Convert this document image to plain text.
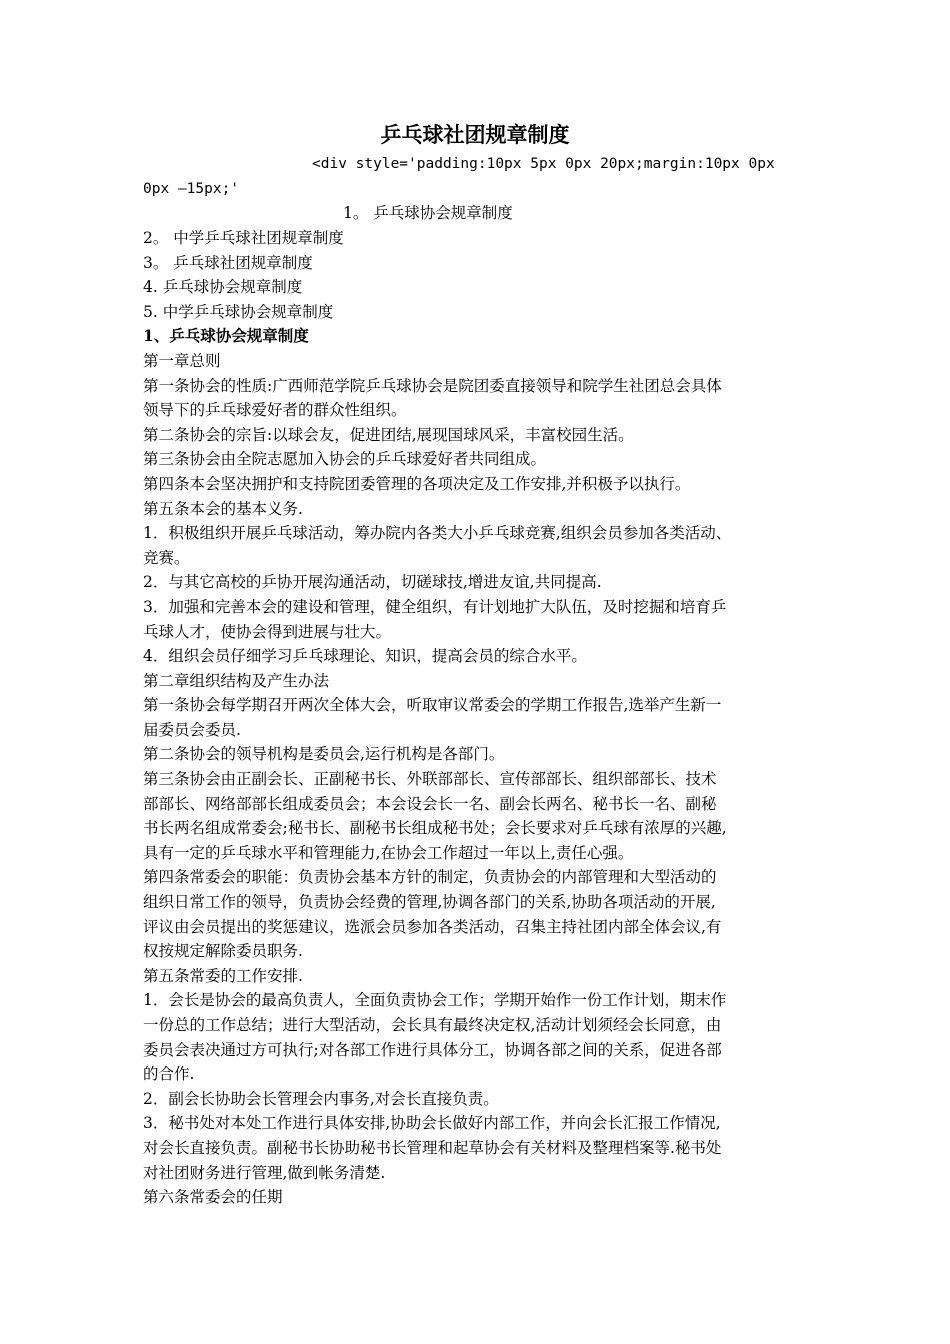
乒乓球社团规章制度
<div style='padding:10px 5px 0px 20px;margin:10px 0px
0px —15px;'
1。 乒乓球协会规章制度
2。 中学乒乓球社团规章制度
3。 乒乓球社团规章制度
4. 乒乓球协会规章制度
5. 中学乒乓球协会规章制度
1、乒乓球协会规章制度
第一章总则
第一条协会的性质:广西师范学院乒乓球协会是院团委直接领导和院学生社团总会具体
领导下的乒乓球爱好者的群众性组织。
第二条协会的宗旨:以球会友，促进团结,展现国球风采，丰富校园生活。
第三条协会由全院志愿加入协会的乒乓球爱好者共同组成。
第四条本会坚决拥护和支持院团委管理的各项决定及工作安排,并积极予以执行。
第五条本会的基本义务.
1．积极组织开展乒乓球活动，筹办院内各类大小乒乓球竞赛,组织会员参加各类活动、
竞赛。
2．与其它高校的乒协开展沟通活动，切磋球技,增进友谊,共同提高.
3．加强和完善本会的建设和管理，健全组织，有计划地扩大队伍，及时挖掘和培育乒
乓球人才，使协会得到进展与壮大。
4．组织会员仔细学习乒乓球理论、知识，提高会员的综合水平。
第二章组织结构及产生办法
第一条协会每学期召开两次全体大会，听取审议常委会的学期工作报告,选举产生新一
届委员会委员.
第二条协会的领导机构是委员会,运行机构是各部门。
第三条协会由正副会长、正副秘书长、外联部部长、宣传部部长、组织部部长、技术
部部长、网络部部长组成委员会；本会设会长一名、副会长两名、秘书长一名、副秘
书长两名组成常委会;秘书长、副秘书长组成秘书处；会长要求对乒乓球有浓厚的兴趣,
具有一定的乒乓球水平和管理能力,在协会工作超过一年以上,责任心强。
第四条常委会的职能：负责协会基本方针的制定，负责协会的内部管理和大型活动的
组织日常工作的领导，负责协会经费的管理,协调各部门的关系,协助各项活动的开展,
评议由会员提出的奖惩建议，选派会员参加各类活动，召集主持社团内部全体会议,有
权按规定解除委员职务.
第五条常委的工作安排.
1．会长是协会的最高负责人，全面负责协会工作；学期开始作一份工作计划，期末作
一份总的工作总结；进行大型活动，会长具有最终决定权,活动计划须经会长同意，由
委员会表决通过方可执行;对各部工作进行具体分工，协调各部之间的关系，促进各部
的合作.
2．副会长协助会长管理会内事务,对会长直接负责。
3．秘书处对本处工作进行具体安排,协助会长做好内部工作，并向会长汇报工作情况,
对会长直接负责。副秘书长协助秘书长管理和起草协会有关材料及整理档案等.秘书处
对社团财务进行管理,做到帐务清楚.
第六条常委会的任期
